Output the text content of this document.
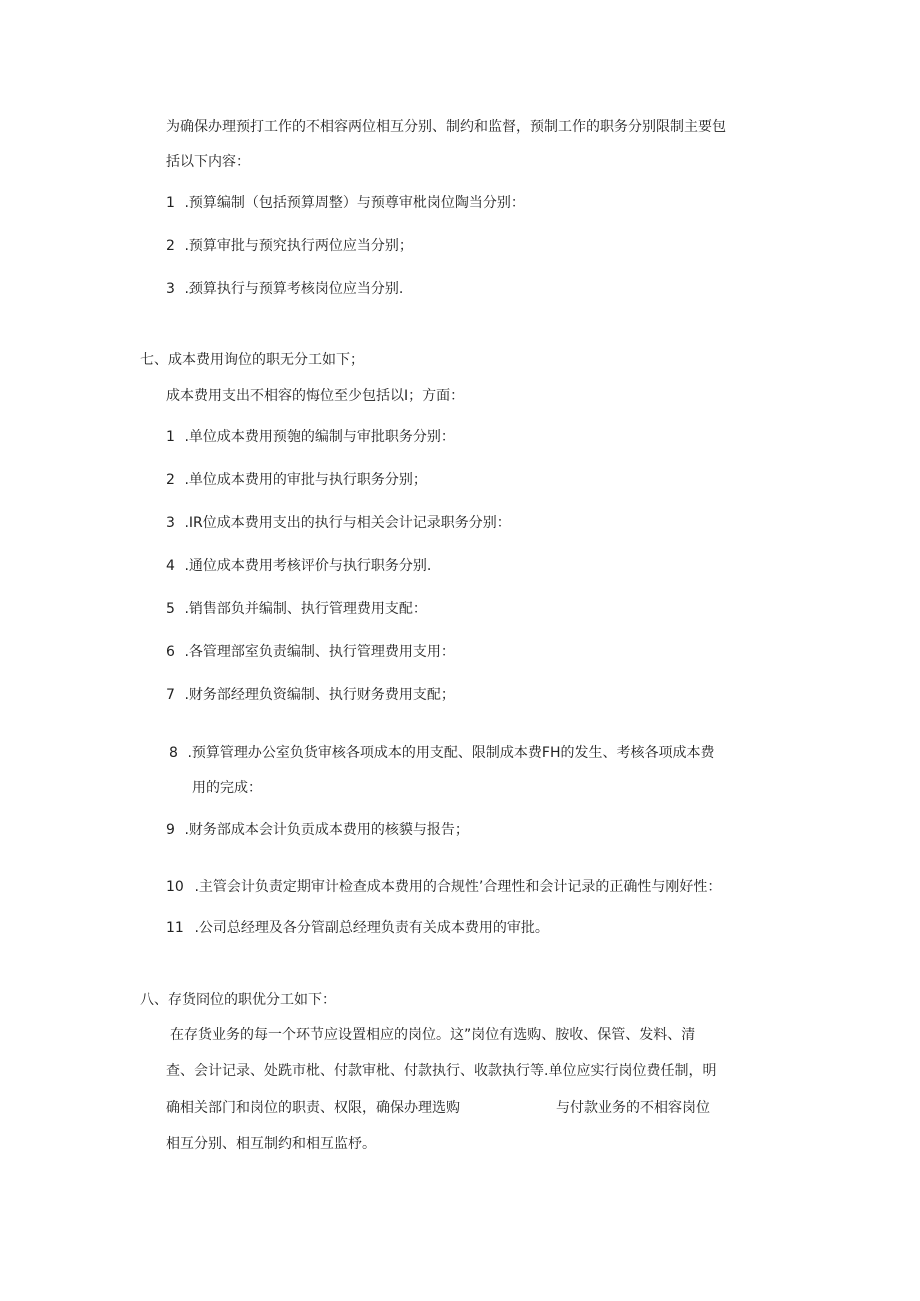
为确保办理预打工作的不相容两位相互分别、制约和监督，预制工作的职务分别限制主要包
括以下内容：
1 .预算编制（包括预算周整）与预尊审枇岗位陶当分别：
2 .预算审批与预究执行两位应当分别；
3 .颈算执行与预算考核岗位应当分别.
七、成本费用询位的职无分工如下；
成本费用支出不相容的悔位至少包括以I；方面：
1 .单位成本费用预匏的编制与审批职务分别：
2 .单位成本费用的审批与执行职务分别；
3 .IR位成本费用支出的执行与相关会计记录职务分别：
4 .通位成本费用考核评价与执行职务分别.
5 .销售部负并编制、执行管理费用支配：
6 .各管理部室负责编制、执行管理费用支用：
7 .财务部经理负资编制、执行财务费用支配；
8 .预算管理办公室负货审核各项成本的用支配、限制成本费FH的发生、考核各项成本费
用的完成：
9 .财务部成本会计负贡成本费用的核貘与报告；
10 .主管会计负责定期审计检查成本费用的合规性’合理性和会计记录的正确性与刚好性：
11 .公司总经理及各分管副总经理负责有关成本费用的审批。
八、存货冏位的职优分工如下：
在存货业务的每一个环节应设置相应的岗位。这”岗位有选购、胺收、保管、发料、清
查、会计记录、处跣市枇、付款审枇、付款执行、收款执行等.单位应实行岗位费任制，明
确相关部门和岗位的职责、权限，确保办理选购	与付款业务的不相容岗位
相互分别、相互制约和相互监杼。
